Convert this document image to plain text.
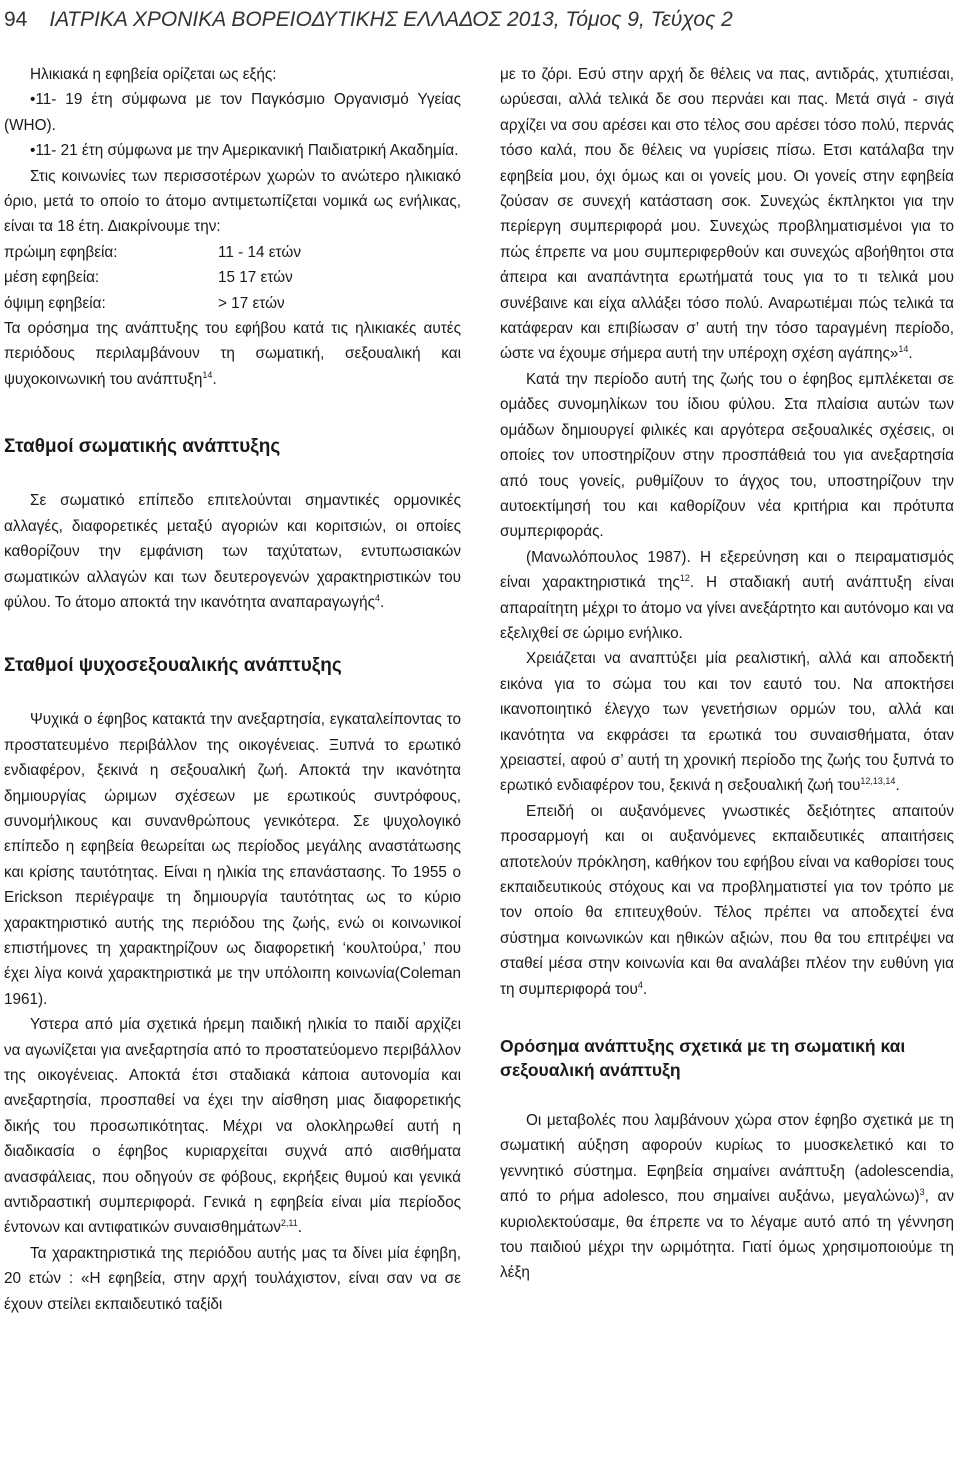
94 ΙΑΤΡΙΚΑ ΧΡΟΝΙΚΑ ΒΟΡΕΙΟΔΥΤΙΚΗΣ ΕΛΛΑΔΟΣ 2013, Τόμος 9, Τεύχος 2

Ηλικιακά η εφηβεία ορίζεται ως εξής:

•11- 19 έτη σύμφωνα με τον Παγκόσμιο Οργανισμό Υγείας (WHO).

•11- 21 έτη σύμφωνα με την Αμερικανική Παιδιατρική Ακαδημία.

Στις κοινωνίες των περισσοτέρων χωρών το ανώτερο ηλικιακό όριο, μετά το οποίο το άτομο αντιμετωπίζεται νομικά ως ενήλικας, είναι τα 18 έτη. Διακρίνουμε την:

πρώιμη εφηβεία:	11 - 14 ετών
μέση εφηβεία:	15 17 ετών
όψιμη εφηβεία:	> 17 ετών

Τα ορόσημα της ανάπτυξης του εφήβου κατά τις ηλικιακές αυτές περιόδους περιλαμβάνουν τη σωματική, σεξουαλική και ψυχοκοινωνική του ανάπτυξη$^{14}$.

Σταθμοί σωματικής ανάπτυξης

Σε σωματικό επίπεδο επιτελούνται σημαντικές ορμονικές αλλαγές, διαφορετικές μεταξύ αγοριών και κοριτσιών, οι οποίες καθορίζουν την εμφάνιση των ταχύτατων, εντυπωσιακών σωματικών αλλαγών και των δευτερογενών χαρακτηριστικών του φύλου. Το άτομο αποκτά την ικανότητα αναπαραγωγής$^4$.

Σταθμοί ψυχοσεξουαλικής ανάπτυξης

Ψυχικά ο έφηβος κατακτά την ανεξαρτησία, εγκαταλείποντας το προστατευμένο περιβάλλον της οικογένειας. Ξυπνά το ερωτικό ενδιαφέρον, ξεκινά η σεξουαλική ζωή. Αποκτά την ικανότητα δημιουργίας ώριμων σχέσεων με ερωτικούς συντρόφους, συνομήλικους και συνανθρώπους γενικότερα. Σε ψυχολογικό επίπεδο η εφηβεία θεωρείται ως περίοδος μεγάλης αναστάτωσης και κρίσης ταυτότητας. Είναι η ηλικία της επανάστασης. Το 1955 ο Erickson περιέγραψε τη δημιουργία ταυτότητας ως το κύριο χαρακτηριστικό αυτής της περιόδου της ζωής, ενώ οι κοινωνικοί επιστήμονες τη χαρακτηρίζουν ως διαφορετική ‘κουλτούρα,’ που έχει λίγα κοινά χαρακτηριστικά με την υπόλοιπη κοινωνία(Coleman 1961).

Υστερα από μία σχετικά ήρεμη παιδική ηλικία το παιδί αρχίζει να αγωνίζεται για ανεξαρτησία από το προστατεύομενο περιβάλλον της οικογένειας. Αποκτά έτσι σταδιακά κάποια αυτονομία και ανεξαρτησία, προσπαθεί να έχει την αίσθηση μιας διαφορετικής δικής του προσωπικότητας. Μέχρι να ολοκληρωθεί αυτή η διαδικασία ο έφηβος κυριαρχείται συχνά από αισθήματα ανασφάλειας, που οδηγούν σε φόβους, εκρήξεις θυμού και γενικά αντιδραστική συμπεριφορά. Γενικά η εφηβεία είναι μία περίοδος έντονων και αντιφατικών συναισθημάτων$^{2,11}$.

Τα χαρακτηριστικά της περιόδου αυτής μας τα δίνει μία έφηβη, 20 ετών : «Η εφηβεία, στην αρχή τουλάχιστον, είναι σαν να σε έχουν στείλει εκπαιδευτικό ταξίδι

με το ζόρι. Εσύ στην αρχή δε θέλεις να πας, αντιδράς, χτυπιέσαι, ωρύεσαι, αλλά τελικά δε σου περνάει και πας. Μετά σιγά - σιγά αρχίζει να σου αρέσει και στο τέλος σου αρέσει τόσο πολύ, περνάς τόσο καλά, που δε θέλεις να γυρίσεις πίσω. Ετσι κατάλαβα την εφηβεία μου, όχι όμως και οι γονείς μου. Οι γονείς στην εφηβεία ζούσαν σε συνεχή κατάσταση σοκ. Συνεχώς έκπληκτοι για την περίεργη συμπεριφορά μου. Συνεχώς προβληματισμένοι για το πώς έπρεπε να μου συμπεριφερθούν και συνεχώς αβοήθητοι στα άπειρα και αναπάντητα ερωτήματά τους για το τι τελικά μου συνέβαινε και είχα αλλάξει τόσο πολύ. Αναρωτιέμαι πώς τελικά τα κατάφεραν και επιβίωσαν σ’ αυτή την τόσο ταραγμένη περίοδο, ώστε να έχουμε σήμερα αυτή την υπέροχη σχέση αγάπης»$^{14}$.

Κατά την περίοδο αυτή της ζωής του ο έφηβος εμπλέκεται σε ομάδες συνομηλίκων του ίδιου φύλου. Στα πλαίσια αυτών των ομάδων δημιουργεί φιλικές και αργότερα σεξουαλικές σχέσεις, οι οποίες τον υποστηρίζουν στην προσπάθειά του για ανεξαρτησία από τους γονείς, ρυθμίζουν το άγχος του, υποστηρίζουν την αυτοεκτίμησή του και καθορίζουν νέα κριτήρια και πρότυπα συμπεριφοράς.

(Μανωλόπουλος 1987). Η εξερεύνηση και ο πειραματισμός είναι χαρακτηριστικά της$^{12}$. Η σταδιακή αυτή ανάπτυξη είναι απαραίτητη μέχρι το άτομο να γίνει ανεξάρτητο και αυτόνομο και να εξελιχθεί σε ώριμο ενήλικο.

Χρειάζεται να αναπτύξει μία ρεαλιστική, αλλά και αποδεκτή εικόνα για το σώμα του και τον εαυτό του. Να αποκτήσει ικανοποιητικό έλεγχο των γενετήσιων ορμών του, αλλά και ικανότητα να εκφράσει τα ερωτικά του συναισθήματα, όταν χρειαστεί, αφού σ’ αυτή τη χρονική περίοδο της ζωής του ξυπνά το ερωτικό ενδιαφέρον του, ξεκινά η σεξουαλική ζωή του$^{12,13,14}$.

Επειδή οι αυξανόμενες γνωστικές δεξιότητες απαιτούν προσαρμογή και οι αυξανόμενες εκπαιδευτικές απαιτήσεις αποτελούν πρόκληση, καθήκον του εφήβου είναι να καθορίσει τους εκπαιδευτικούς στόχους και να προβληματιστεί για τον τρόπο με τον οποίο θα επιτευχθούν. Τέλος πρέπει να αποδεχτεί ένα σύστημα κοινωνικών και ηθικών αξιών, που θα του επιτρέψει να σταθεί μέσα στην κοινωνία και θα αναλάβει πλέον την ευθύνη για τη συμπεριφορά του$^4$.

Ορόσημα ανάπτυξης σχετικά με τη σωματική και σεξουαλική ανάπτυξη

Οι μεταβολές που λαμβάνουν χώρα στον έφηβο σχετικά με τη σωματική αύξηση αφορούν κυρίως το μυοσκελετικό και το γεννητικό σύστημα. Εφηβεία σημαίνει ανάπτυξη (adolescendia, από το ρήμα adolesco, που σημαίνει αυξάνω, μεγαλώνω)$^3$, αν κυριολεκτούσαμε, θα έπρεπε να το λέγαμε αυτό από τη γέννηση του παιδιού μέχρι την ωριμότητα. Γιατί όμως χρησιμοποιούμε τη λέξη
